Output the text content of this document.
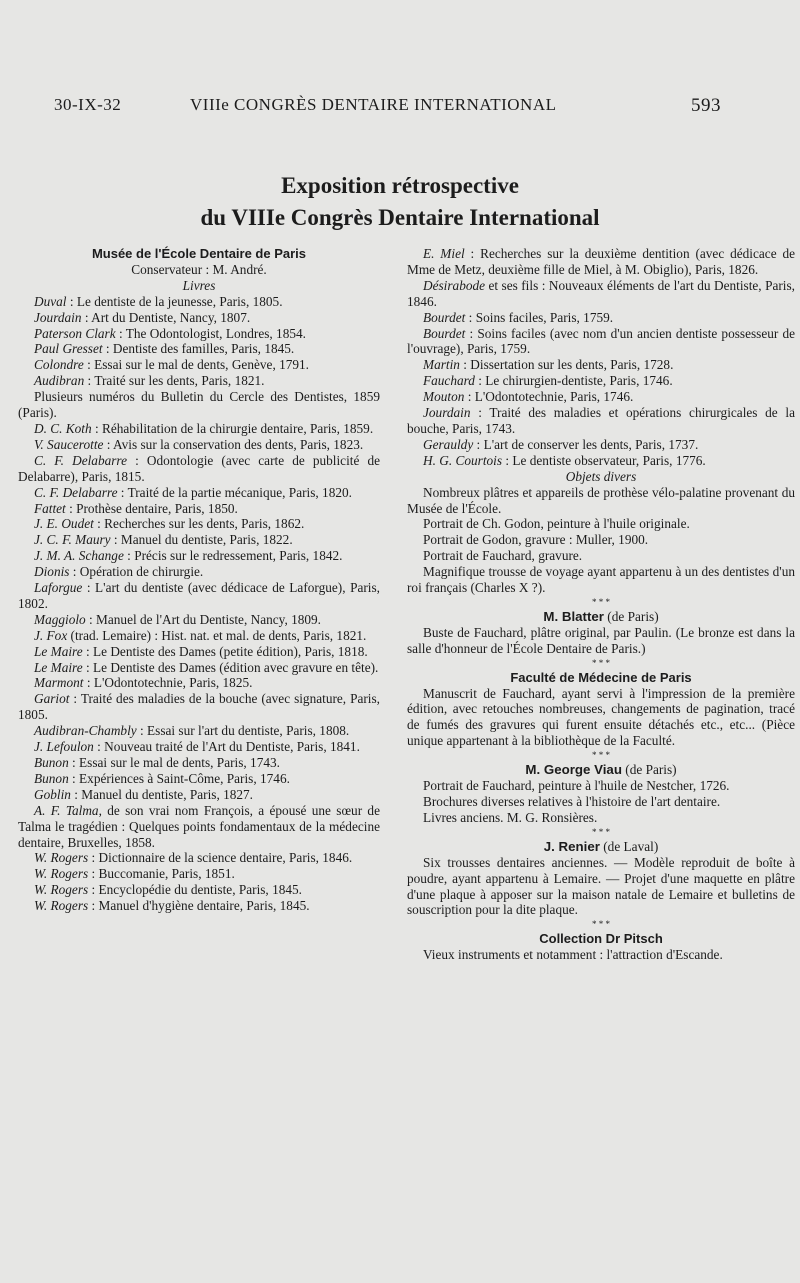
30-IX-32	VIIIe CONGRÈS DENTAIRE INTERNATIONAL	593
Exposition rétrospective
du VIIIe Congrès Dentaire International
Musée de l'École Dentaire de Paris
Conservateur : M. André.
Livres
Duval : Le dentiste de la jeunesse, Paris, 1805.
Jourdain : Art du Dentiste, Nancy, 1807.
Paterson Clark : The Odontologist, Londres, 1854.
Paul Gresset : Dentiste des familles, Paris, 1845.
Colondre : Essai sur le mal de dents, Genève, 1791.
Audibran : Traité sur les dents, Paris, 1821.
Plusieurs numéros du Bulletin du Cercle des Dentistes, 1859 (Paris).
D. C. Koth : Réhabilitation de la chirurgie dentaire, Paris, 1859.
V. Saucerotte : Avis sur la conservation des dents, Paris, 1823.
C. F. Delabarre : Odontologie (avec carte de publicité de Delabarre), Paris, 1815.
C. F. Delabarre : Traité de la partie mécanique, Paris, 1820.
Fattet : Prothèse dentaire, Paris, 1850.
J. E. Oudet : Recherches sur les dents, Paris, 1862.
J. C. F. Maury : Manuel du dentiste, Paris, 1822.
J. M. A. Schange : Précis sur le redressement, Paris, 1842.
Dionis : Opération de chirurgie.
Laforgue : L'art du dentiste (avec dédicace de Laforgue), Paris, 1802.
Maggiolo : Manuel de l'Art du Dentiste, Nancy, 1809.
J. Fox (trad. Lemaire) : Hist. nat. et mal. de dents, Paris, 1821.
Le Maire : Le Dentiste des Dames (petite édition), Paris, 1818.
Le Maire : Le Dentiste des Dames (édition avec gravure en tête).
Marmont : L'Odontotechnie, Paris, 1825.
Gariot : Traité des maladies de la bouche (avec signature, Paris, 1805.
Audibran-Chambly : Essai sur l'art du dentiste, Paris, 1808.
J. Lefoulon : Nouveau traité de l'Art du Dentiste, Paris, 1841.
Bunon : Essai sur le mal de dents, Paris, 1743.
Bunon : Expériences à Saint-Côme, Paris, 1746.
Goblin : Manuel du dentiste, Paris, 1827.
A. F. Talma, de son vrai nom François, a épousé une sœur de Talma le tragédien : Quelques points fondamentaux de la médecine dentaire, Bruxelles, 1858.
W. Rogers : Dictionnaire de la science dentaire, Paris, 1846.
W. Rogers : Buccomanie, Paris, 1851.
W. Rogers : Encyclopédie du dentiste, Paris, 1845.
W. Rogers : Manuel d'hygiène dentaire, Paris, 1845.
E. Miel : Recherches sur la deuxième dentition (avec dédicace de Mme de Metz, deuxième fille de Miel, à M. Obiglio), Paris, 1826.
Désirabode et ses fils : Nouveaux éléments de l'art du Dentiste, Paris, 1846.
Bourdet : Soins faciles, Paris, 1759.
Bourdet : Soins faciles (avec nom d'un ancien dentiste possesseur de l'ouvrage), Paris, 1759.
Martin : Dissertation sur les dents, Paris, 1728.
Fauchard : Le chirurgien-dentiste, Paris, 1746.
Mouton : L'Odontotechnie, Paris, 1746.
Jourdain : Traité des maladies et opérations chirurgicales de la bouche, Paris, 1743.
Gerauldy : L'art de conserver les dents, Paris, 1737.
H. G. Courtois : Le dentiste observateur, Paris, 1776.
Objets divers
Nombreux plâtres et appareils de prothèse vélo-palatine provenant du Musée de l'École.
Portrait de Ch. Godon, peinture à l'huile originale.
Portrait de Godon, gravure : Muller, 1900.
Portrait de Fauchard, gravure.
Magnifique trousse de voyage ayant appartenu à un des dentistes d'un roi français (Charles X ?).
* * *
M. Blatter (de Paris)
Buste de Fauchard, plâtre original, par Paulin. (Le bronze est dans la salle d'honneur de l'École Dentaire de Paris.)
* * *
Faculté de Médecine de Paris
Manuscrit de Fauchard, ayant servi à l'impression de la première édition, avec retouches nombreuses, changements de pagination, tracé de fumés des gravures qui furent ensuite détachés etc., etc... (Pièce unique appartenant à la bibliothèque de la Faculté.
* * *
M. George Viau (de Paris)
Portrait de Fauchard, peinture à l'huile de Nestcher, 1726.
Brochures diverses relatives à l'histoire de l'art dentaire.
Livres anciens. M. G. Ronsières.
* * *
J. Renier (de Laval)
Six trousses dentaires anciennes. — Modèle reproduit de boîte à poudre, ayant appartenu à Lemaire. — Projet d'une maquette en plâtre d'une plaque à apposer sur la maison natale de Lemaire et bulletins de souscription pour la dite plaque.
* * *
Collection Dr Pitsch
Vieux instruments et notamment : l'attraction d'Escande.
